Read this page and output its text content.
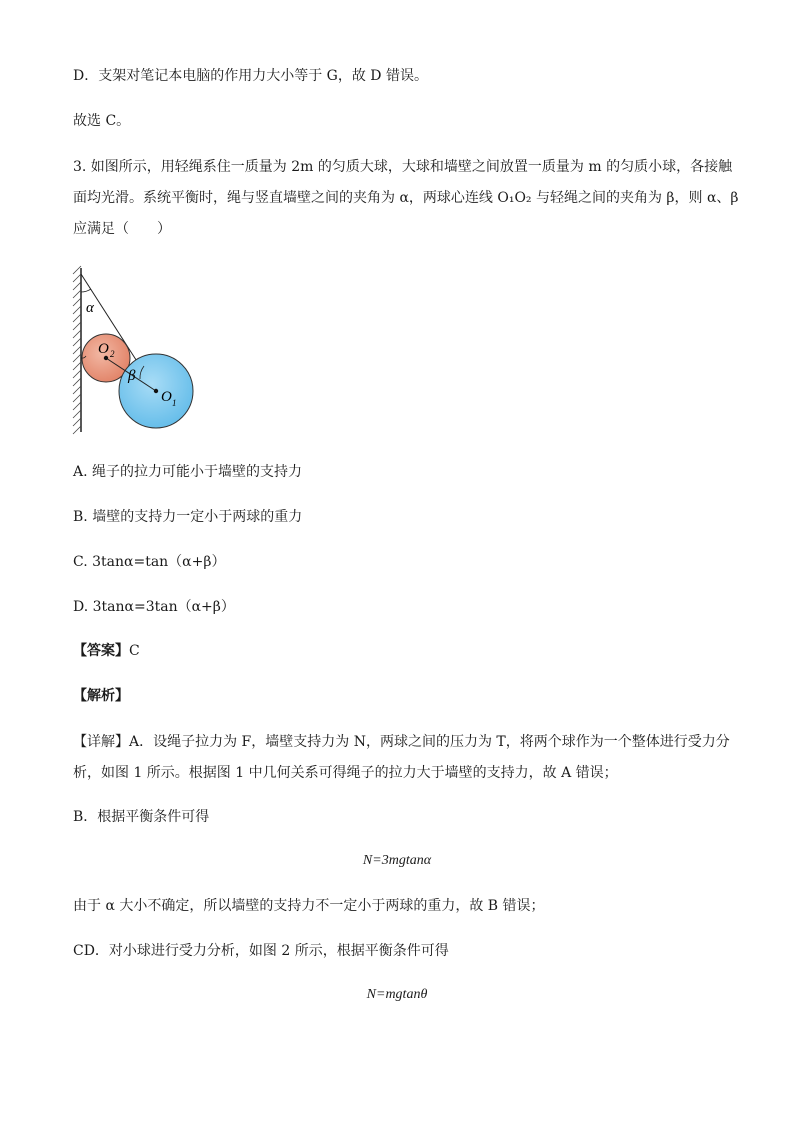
D．支架对笔记本电脑的作用力大小等于 G，故 D 错误。
故选 C。
3. 如图所示，用轻绳系住一质量为 2m 的匀质大球，大球和墙壁之间放置一质量为 m 的匀质小球，各接触
面均光滑。系统平衡时，绳与竖直墙壁之间的夹角为 α，两球心连线 O₁O₂ 与轻绳之间的夹角为 β，则 α、β
应满足（　　）
α
β
O 2
O 1
A. 绳子的拉力可能小于墙壁的支持力
B. 墙壁的支持力一定小于两球的重力
C. 3tanα=tan（α+β）
D. 3tanα=3tan（α+β）
【答案】C
【解析】
【详解】A．设绳子拉力为 F，墙壁支持力为 N，两球之间的压力为 T，将两个球作为一个整体进行受力分
析，如图 1 所示。根据图 1 中几何关系可得绳子的拉力大于墙壁的支持力，故 A 错误；
B．根据平衡条件可得
N=3mgtanα
由于 α 大小不确定，所以墙壁的支持力不一定小于两球的重力，故 B 错误；
CD．对小球进行受力分析，如图 2 所示，根据平衡条件可得
N=mgtanθ
